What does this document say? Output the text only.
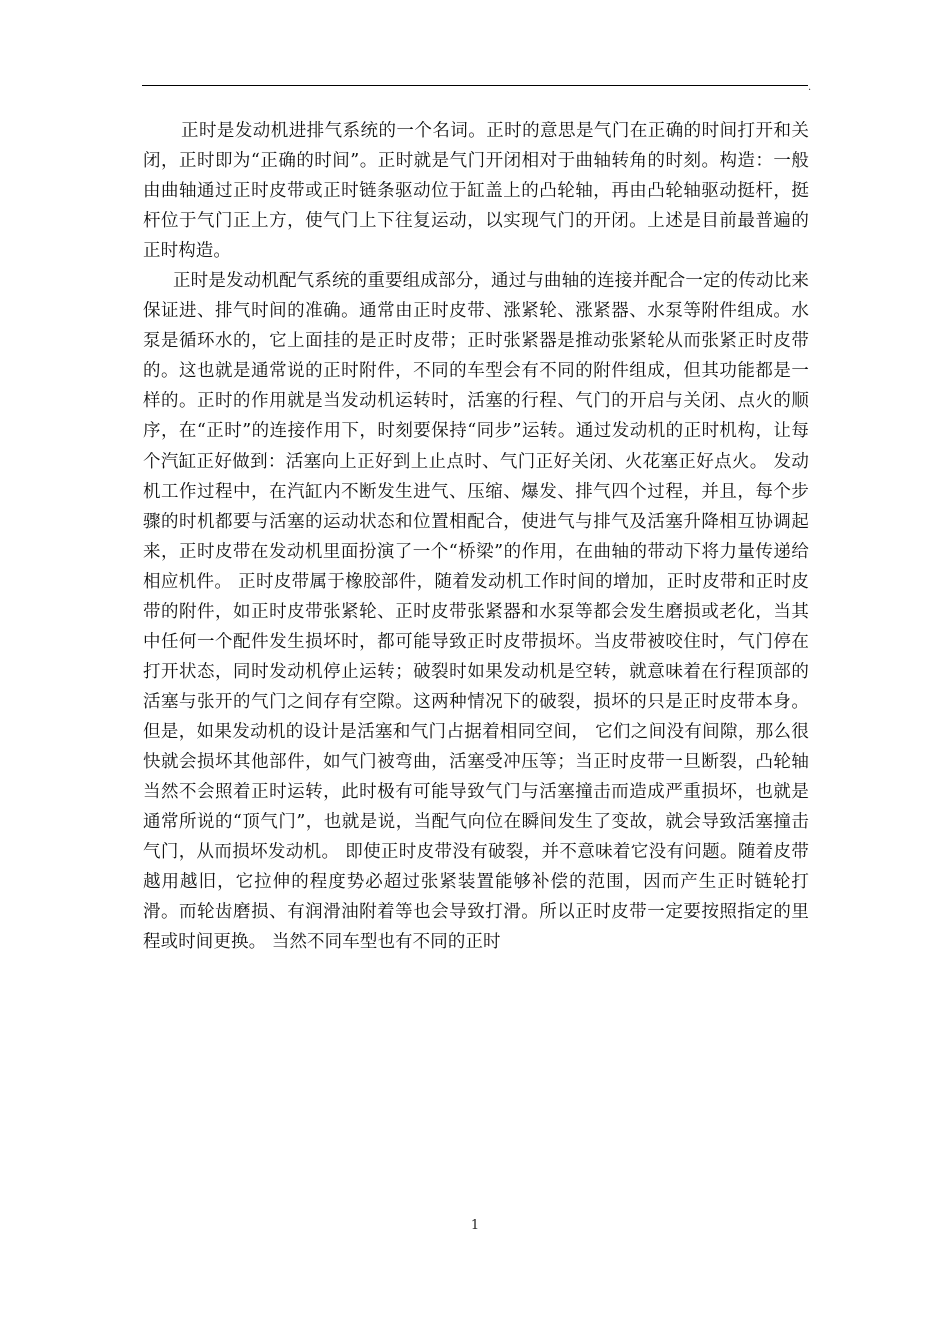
.

正时是发动机进排气系统的一个名词。正时的意思是气门在正确的时间打开和关闭，正时即为“正确的时间”。正时就是气门开闭相对于曲轴转角的时刻。构造：一般由曲轴通过正时皮带或正时链条驱动位于缸盖上的凸轮轴，再由凸轮轴驱动挺杆，挺杆位于气门正上方，使气门上下往复运动，以实现气门的开闭。上述是目前最普遍的正时构造。

正时是发动机配气系统的重要组成部分，通过与曲轴的连接并配合一定的传动比来保证进、排气时间的准确。通常由正时皮带、涨紧轮、涨紧器、水泵等附件组成。水泵是循环水的，它上面挂的是正时皮带；正时张紧器是推动张紧轮从而张紧正时皮带的。这也就是通常说的正时附件，不同的车型会有不同的附件组成，但其功能都是一样的。正时的作用就是当发动机运转时，活塞的行程、气门的开启与关闭、点火的顺序，在“正时”的连接作用下，时刻要保持“同步”运转。通过发动机的正时机构，让每个汽缸正好做到：活塞向上正好到上止点时、气门正好关闭、火花塞正好点火。 发动机工作过程中，在汽缸内不断发生进气、压缩、爆发、排气四个过程，并且，每个步骤的时机都要与活塞的运动状态和位置相配合，使进气与排气及活塞升降相互协调起来，正时皮带在发动机里面扮演了一个“桥梁”的作用，在曲轴的带动下将力量传递给相应机件。 正时皮带属于橡胶部件，随着发动机工作时间的增加，正时皮带和正时皮带的附件，如正时皮带张紧轮、正时皮带张紧器和水泵等都会发生磨损或老化，当其中任何一个配件发生损坏时，都可能导致正时皮带损坏。当皮带被咬住时，气门停在打开状态，同时发动机停止运转；破裂时如果发动机是空转，就意味着在行程顶部的活塞与张开的气门之间存有空隙。这两种情况下的破裂，损坏的只是正时皮带本身。但是，如果发动机的设计是活塞和气门占据着相同空间， 它们之间没有间隙，那么很快就会损坏其他部件，如气门被弯曲，活塞受冲压等；当正时皮带一旦断裂，凸轮轴当然不会照着正时运转，此时极有可能导致气门与活塞撞击而造成严重损坏，也就是通常所说的“顶气门”，也就是说，当配气向位在瞬间发生了变故，就会导致活塞撞击气门，从而损坏发动机。 即使正时皮带没有破裂，并不意味着它没有问题。随着皮带越用越旧，它拉伸的程度势必超过张紧装置能够补偿的范围，因而产生正时链轮打滑。而轮齿磨损、有润滑油附着等也会导致打滑。所以正时皮带一定要按照指定的里程或时间更换。 当然不同车型也有不同的正时

1
